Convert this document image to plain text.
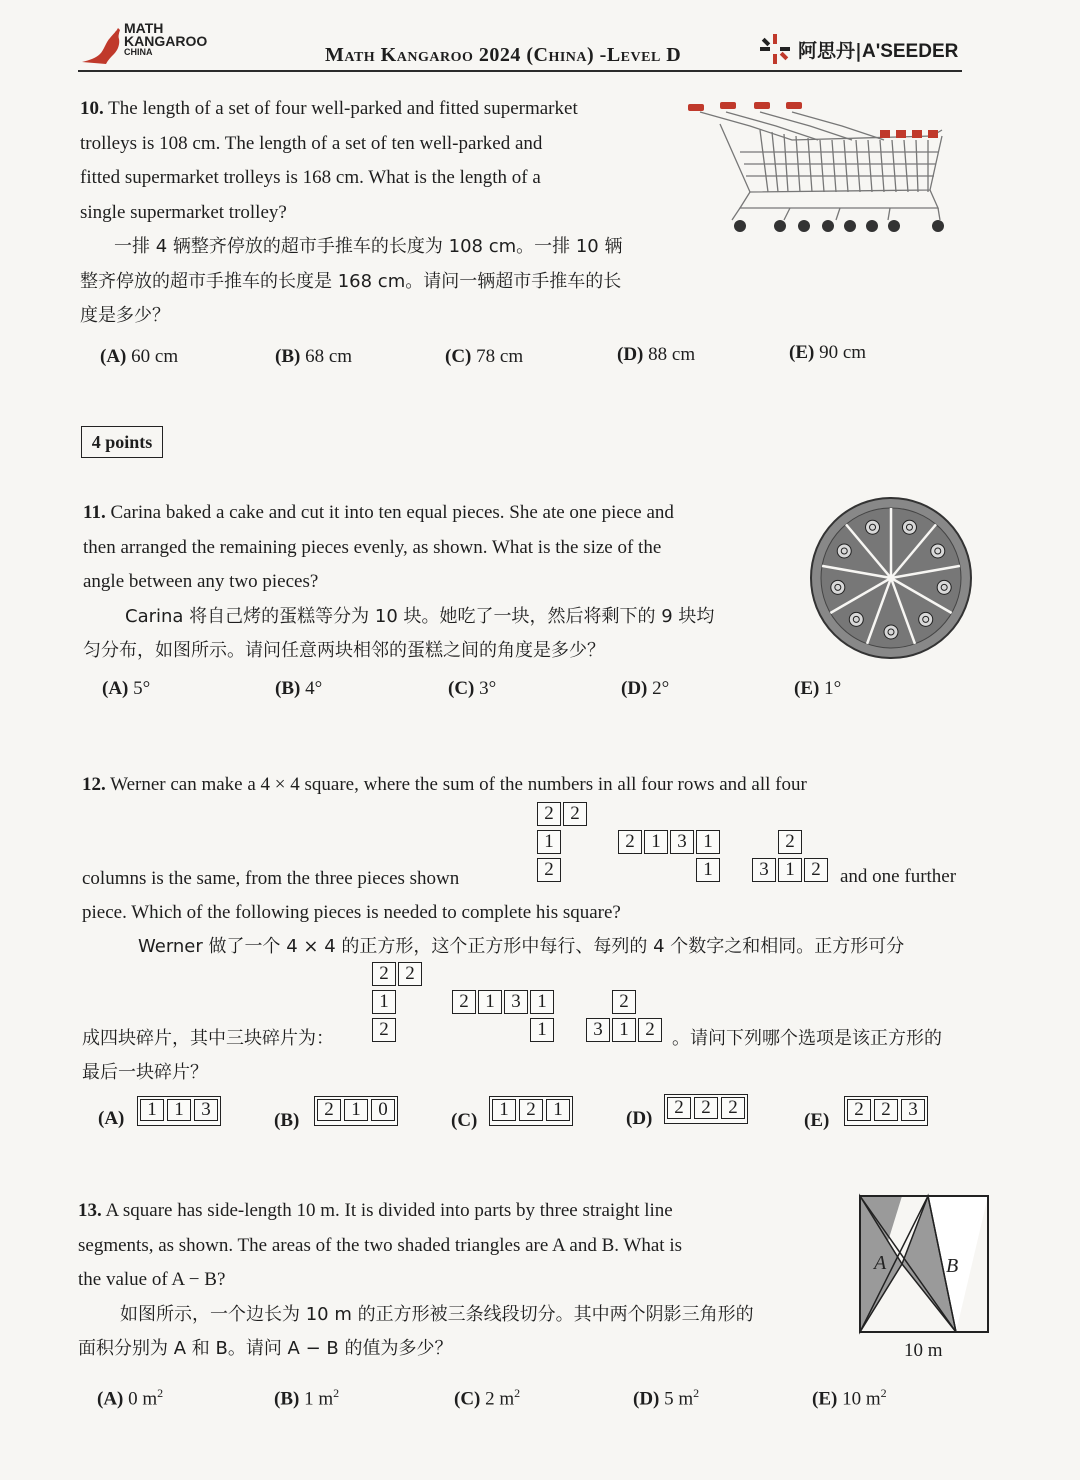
MATH
KANGAROO
CHINA	Math Kangaroo 2024 (China) -Level D	阿思丹|A'SEEDER
10. The length of a set of four well-parked and fitted supermarket
trolleys is 108 cm. The length of a set of ten well-parked and
fitted supermarket trolleys is 168 cm. What is the length of a
single supermarket trolley?
一排 4 辆整齐停放的超市手推车的长度为 108 cm。一排 10 辆
整齐停放的超市手推车的长度是 168 cm。请问一辆超市手推车的长
度是多少？
(A) 60 cm	(B) 68 cm	(C) 78 cm	(D) 88 cm	(E) 90 cm
4 points
11. Carina baked a cake and cut it into ten equal pieces. She ate one piece and
then arranged the remaining pieces evenly, as shown. What is the size of the
angle between any two pieces?
Carina 将自己烤的蛋糕等分为 10 块。她吃了一块，然后将剩下的 9 块均
匀分布，如图所示。请问任意两块相邻的蛋糕之间的角度是多少？
(A) 5°	(B) 4°	(C) 3°	(D) 2°	(E) 1°
12. Werner can make a 4 × 4 square, where the sum of the numbers in all four rows and all four
2 2
1
2
2 1 3 1
1
2
3 1 2
columns is the same, from the three pieces shown	and one further
piece. Which of the following pieces is needed to complete his square?
Werner 做了一个 4 × 4 的正方形，这个正方形中每行、每列的 4 个数字之和相同。正方形可分
2 2
1
2
2 1 3 1
1
2
3 1 2
成四块碎片，其中三块碎片为：	。请问下列哪个选项是该正方形的
最后一块碎片？
(A)	1 1 3
(B)
2 1 0
(C)
1 2 1	(D)
2 2 2
(E)
2 2 3
13. A square has side-length 10 m. It is divided into parts by three straight line
segments, as shown. The areas of the two shaded triangles are A and B. What is
the value of A − B?
如图所示，一个边长为 10 m 的正方形被三条线段切分。其中两个阴影三角形的
面积分别为 A 和 B。请问 A − B 的值为多少？
A	B
10 m
(A) 0 $m^2$	(B) 1 $m^2$	(C) 2 $m^2$	(D) 5 $m^2$	(E) 10 $m^2$
